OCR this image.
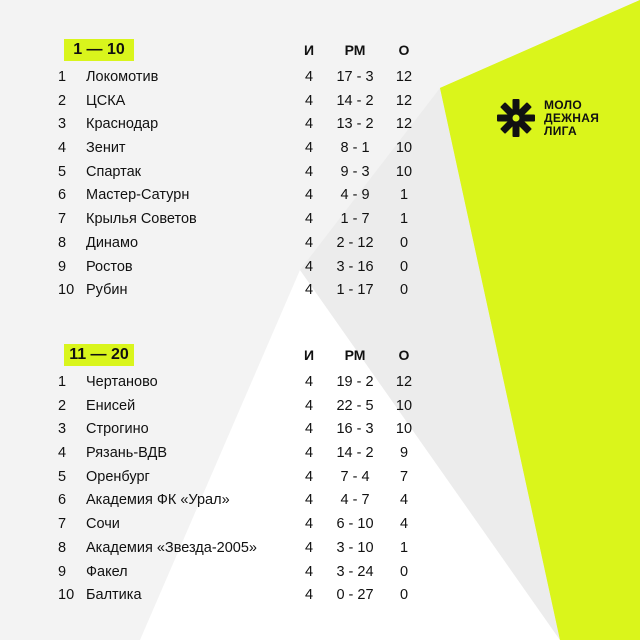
МОЛО
ДЕЖНАЯ
ЛИГА
1 — 10	И РМ О
1 Локомотив	4 17 - 3 12
2 ЦСКА	4 14 - 2 12
3 Краснодар	4 13 - 2 12
4 Зенит	4 8 - 1 10
5 Спартак	4 9 - 3 10
6 Мастер-Сатурн	4 4 - 9 1
7 Крылья Советов	4 1 - 7 1
8 Динамо	4 2 - 12 0
9 Ростов	4 3 - 16 0
10 Рубин	4 1 - 17 0
11 — 20	И РМ О
1 Чертаново	4 19 - 2 12
2 Енисей	4 22 - 5 10
3 Строгино	4 16 - 3 10
4 Рязань-ВДВ	4 14 - 2 9
5 Оренбург	4 7 - 4 7
6 Академия ФК «Урал»	4 4 - 7 4
7 Сочи	4 6 - 10 4
8 Академия «Звезда-2005»	4 3 - 10 1
9 Факел	4 3 - 24 0
10 Балтика	4 0 - 27 0
